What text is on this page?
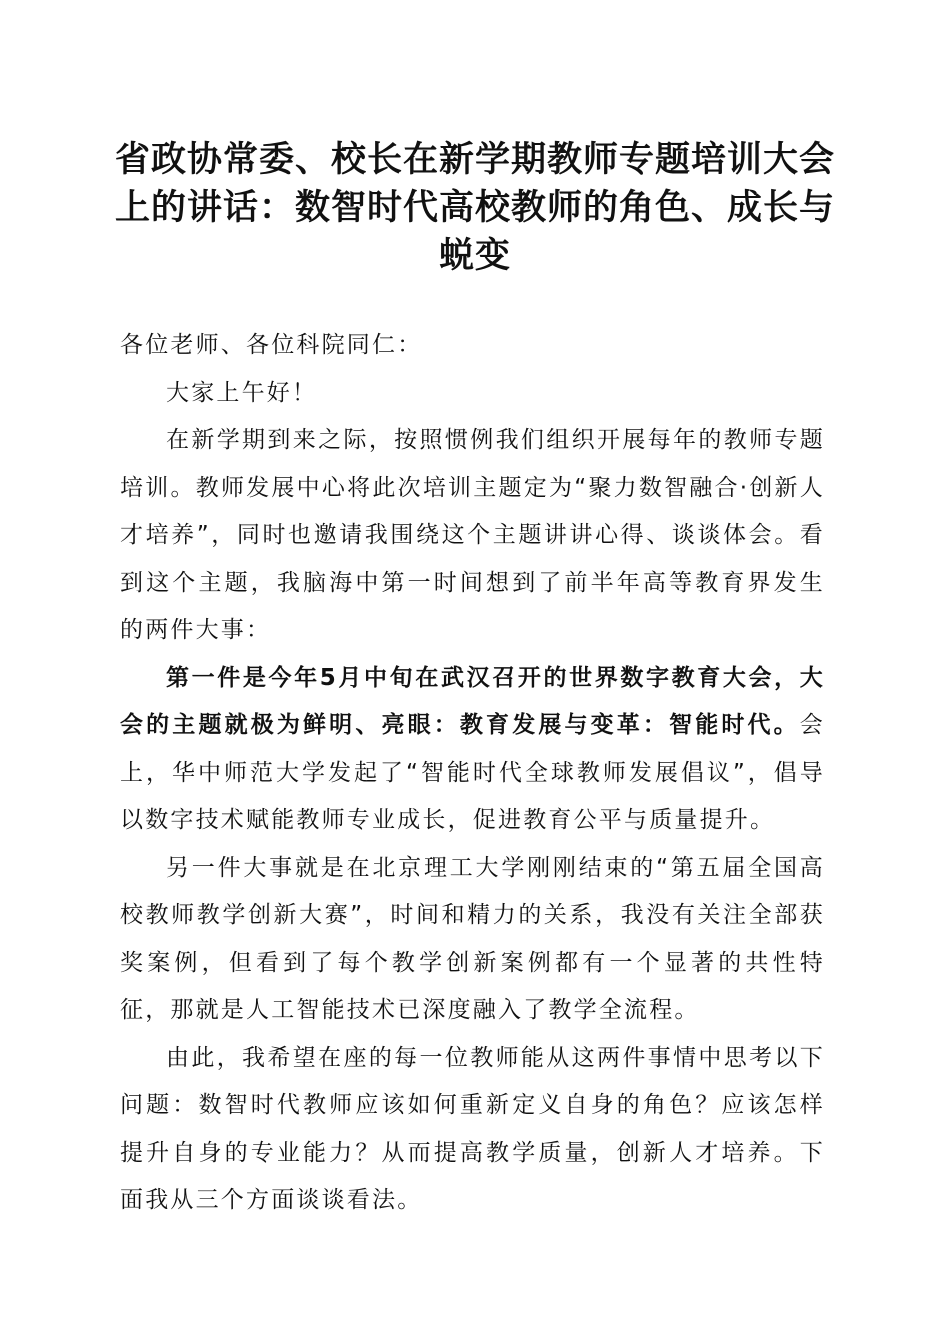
省政协常委、校长在新学期教师专题培训大会上的讲话：数智时代高校教师的角色、成长与蜕变

各位老师、各位科院同仁：

大家上午好！

在新学期到来之际，按照惯例我们组织开展每年的教师专题培训。教师发展中心将此次培训主题定为“聚力数智融合·创新人才培养”，同时也邀请我围绕这个主题讲讲心得、谈谈体会。看到这个主题，我脑海中第一时间想到了前半年高等教育界发生的两件大事：

第一件是今年5月中旬在武汉召开的世界数字教育大会，大会的主题就极为鲜明、亮眼：教育发展与变革：智能时代。会上，华中师范大学发起了“智能时代全球教师发展倡议”，倡导以数字技术赋能教师专业成长，促进教育公平与质量提升。

另一件大事就是在北京理工大学刚刚结束的“第五届全国高校教师教学创新大赛”，时间和精力的关系，我没有关注全部获奖案例，但看到了每个教学创新案例都有一个显著的共性特征，那就是人工智能技术已深度融入了教学全流程。

由此，我希望在座的每一位教师能从这两件事情中思考以下问题：数智时代教师应该如何重新定义自身的角色？应该怎样提升自身的专业能力？从而提高教学质量，创新人才培养。下面我从三个方面谈谈看法。
